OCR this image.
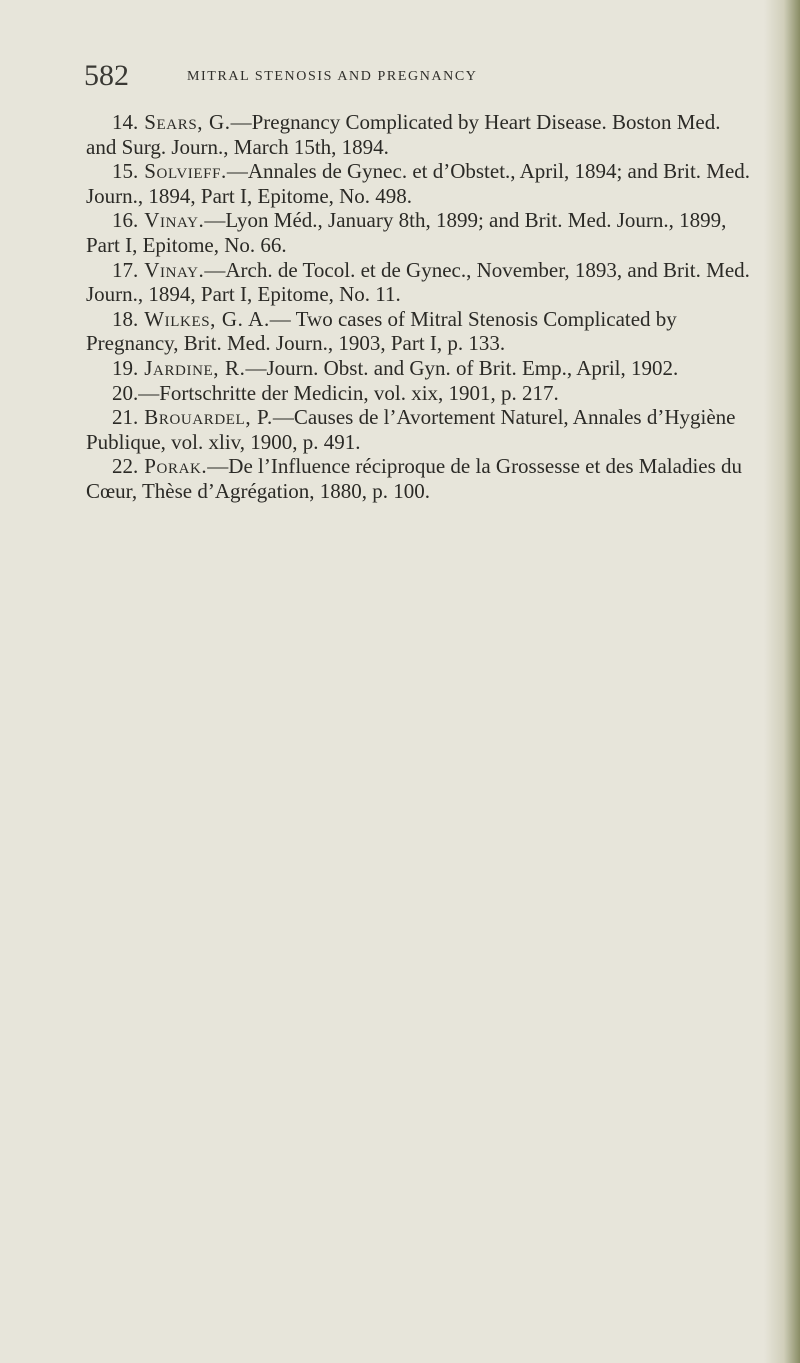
582	MITRAL STENOSIS AND PREGNANCY

14. Sears, G.—Pregnancy Complicated by Heart Disease. Boston Med. and Surg. Journ., March 15th, 1894.

15. Solvieff.—Annales de Gynec. et d’Obstet., April, 1894; and Brit. Med. Journ., 1894, Part I, Epitome, No. 498.

16. Vinay.—Lyon Méd., January 8th, 1899; and Brit. Med. Journ., 1899, Part I, Epitome, No. 66.

17. Vinay.—Arch. de Tocol. et de Gynec., November, 1893, and Brit. Med. Journ., 1894, Part I, Epitome, No. 11.

18. Wilkes, G. A.— Two cases of Mitral Stenosis Complicated by Pregnancy, Brit. Med. Journ., 1903, Part I, p. 133.

19. Jardine, R.—Journ. Obst. and Gyn. of Brit. Emp., April, 1902.

20.—Fortschritte der Medicin, vol. xix, 1901, p. 217.

21. Brouardel, P.—Causes de l’Avortement Naturel, Annales d’Hygiène Publique, vol. xliv, 1900, p. 491.

22. Porak.—De l’Influence réciproque de la Grossesse et des Maladies du Cœur, Thèse d’Agrégation, 1880, p. 100.
